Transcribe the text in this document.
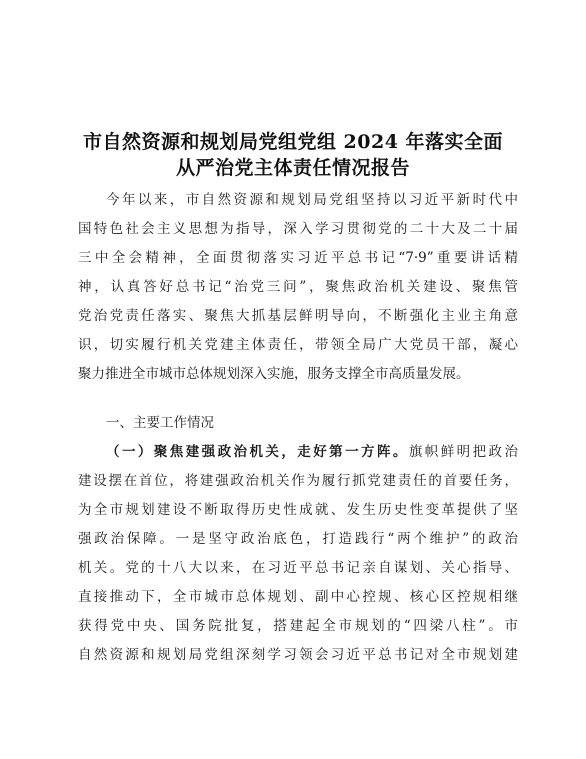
市自然资源和规划局党组党组 2024 年落实全面
从严治党主体责任情况报告
今年以来，市自然资源和规划局党组坚持以习近平新时代中
国特色社会主义思想为指导，深入学习贯彻党的二十大及二十届
三中全会精神，全面贯彻落实习近平总书记“7·9”重要讲话精
神，认真答好总书记“治党三问”，聚焦政治机关建设、聚焦管
党治党责任落实、聚焦大抓基层鲜明导向，不断强化主业主角意
识，切实履行机关党建主体责任，带领全局广大党员干部，凝心
聚力推进全市城市总体规划深入实施，服务支撑全市高质量发展。
一、主要工作情况
（一）聚焦建强政治机关，走好第一方阵。旗帜鲜明把政治
建设摆在首位，将建强政治机关作为履行抓党建责任的首要任务，
为全市规划建设不断取得历史性成就、发生历史性变革提供了坚
强政治保障。一是坚守政治底色，打造践行“两个维护”的政治
机关。党的十八大以来，在习近平总书记亲自谋划、关心指导、
直接推动下，全市城市总体规划、副中心控规、核心区控规相继
获得党中央、国务院批复，搭建起全市规划的“四梁八柱”。市
自然资源和规划局党组深刻学习领会习近平总书记对全市规划建
